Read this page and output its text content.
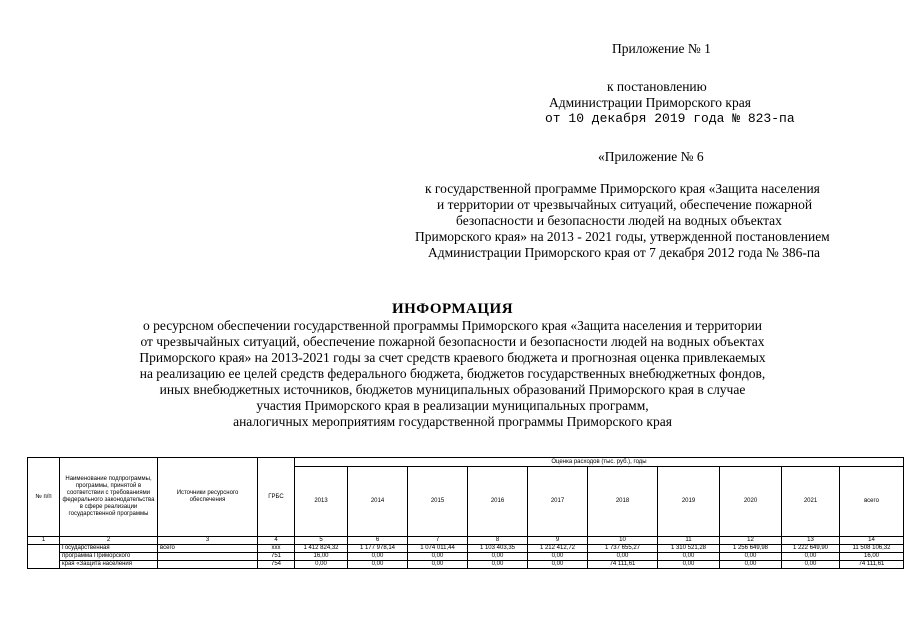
Приложение № 1
к постановлению
Администрации Приморского края
от 10 декабря 2019 года № 823-па
«Приложение № 6
к государственной программе Приморского края «Защита населения
и территории от чрезвычайных ситуаций, обеспечение пожарной
безопасности и безопасности людей на водных объектах
Приморского края» на 2013 - 2021 годы, утвержденной постановлением
Администрации Приморского края от 7 декабря 2012 года № 386-па
ИНФОРМАЦИЯ
о ресурсном обеспечении государственной программы Приморского края «Защита населения и территории
от чрезвычайных ситуаций, обеспечение пожарной безопасности и безопасности людей на водных объектах
Приморского края» на 2013-2021 годы за счет средств краевого бюджета и прогнозная оценка привлекаемых
на реализацию ее целей средств федерального бюджета, бюджетов государственных внебюджетных фондов,
иных внебюджетных источников, бюджетов муниципальных образований Приморского края в случае
участия Приморского края в реализации муниципальных программ,
аналогичных мероприятиям государственной программы Приморского края
№ п/п	Наименование подпрограммы, программы, принятой в соответствии с требованиями федерального законодательства в сфере реализации государственной программы	Источники ресурсного обеспечения	ГРБС	Оценка расходов (тыс. руб.), годы									
				2013	2014	2015	2016	2017	2018	2019	2020	2021	всего
1	2	3	4	5	6	7	8	9	10	11	12	13	14
	Государственная	всего	ххх	1 412 824,32	1 177 978,14	1 074 011,44	1 103 403,35	1 212 412,72	1 737 655,27	1 310 521,28	1 256 649,98	1 222 649,90	11 508 106,32
	программа Приморского		751	16,00	0,00	0,00	0,00	0,00	0,00	0,00	0,00	0,00	16,00
	края «Защита населения		754	0,00	0,00	0,00	0,00	0,00	74 111,61	0,00	0,00	0,00	74 111,61
